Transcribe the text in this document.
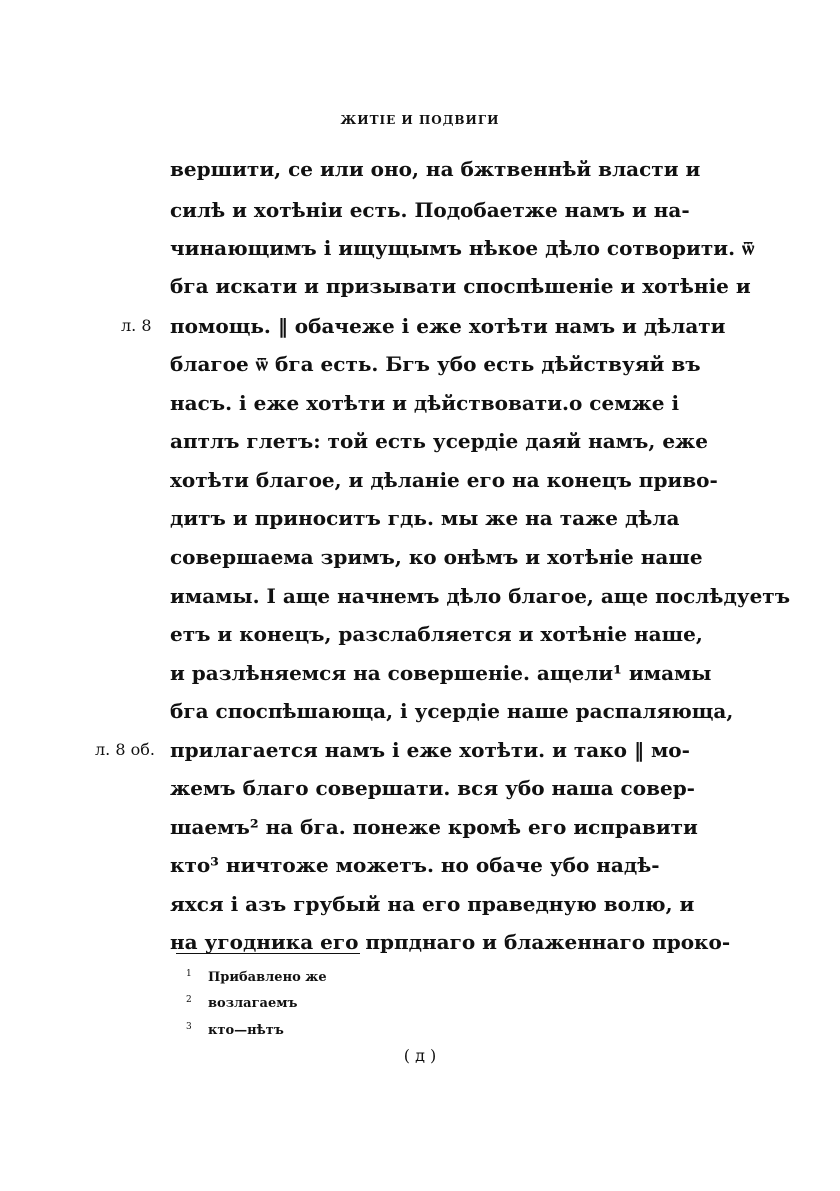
ЖИТІЕ И ПОДВИГИ
вершити, се или оно, на бжтвеннѣй власти и
силѣ и хотѣніи есть. Подобаетже намъ и на-
чинающимъ і ищущымъ нѣкое дѣло сотворити. ѿ
бга искати и призывати споспѣшеніе и хотѣніе и
помощь. ‖ обачеже і еже хотѣти намъ и дѣлати
благое ѿ бга есть. Бгъ убо есть дѣйствуяй въ
насъ. і еже хотѣти и дѣйствовати.о семже і
аптлъ глетъ: той есть усердіе даяй намъ, еже
хотѣти благое, и дѣланіе его на конецъ приво-
дитъ и приноситъ гдь. мы же на таже дѣла
совершаема зримъ, ко онѣмъ и хотѣніе наше
имамы. І аще начнемъ дѣло благое, аще послѣдуетъ
етъ и конецъ, разслабляется и хотѣніе наше,
и разлѣняемся на совершеніе. ащели¹ имамы
бга споспѣшающа, і усердіе наше распаляюща,
прилагается намъ і еже хотѣти. и тако ‖ мо-
жемъ благо совершати. вся убо наша совер-
шаемъ² на бга. понеже кромѣ его исправити
кто³ ничтоже можетъ. но обаче убо надѣ-
яхся і азъ грубый на его праведную волю, и
на угодника его прпднаго и блаженнаго проко-
л. 8
л. 8 об.
1 Прибавлено же
2 возлагаемъ
3 кто—нѣтъ
( д )
